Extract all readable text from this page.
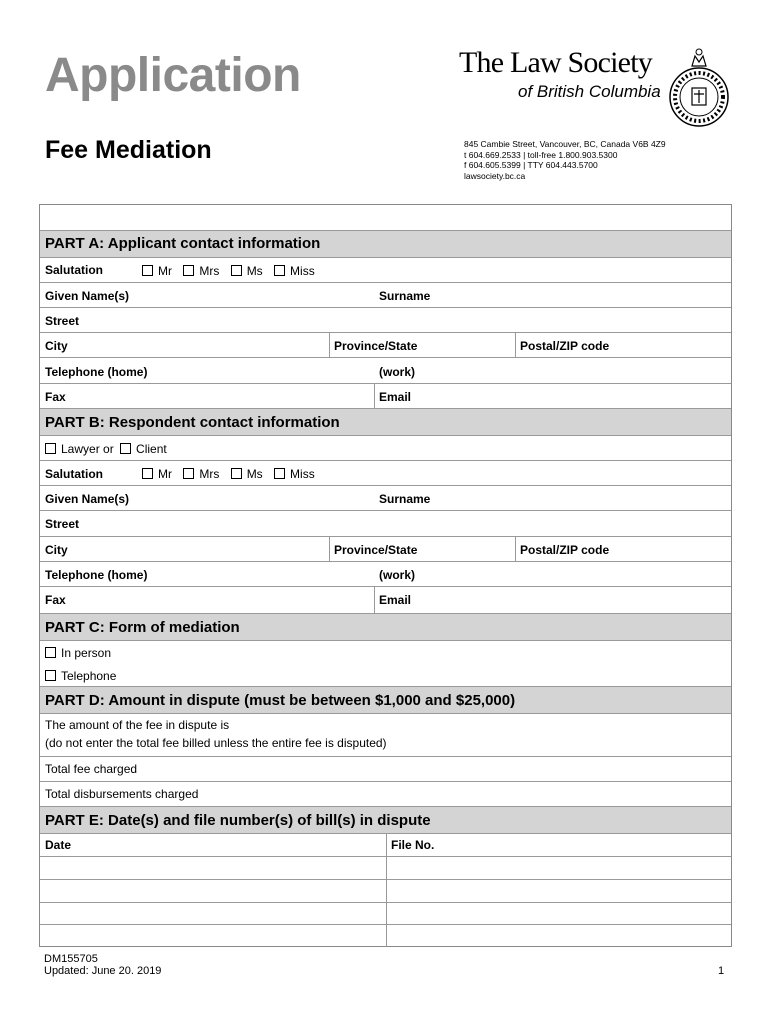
Application
Fee Mediation
The Law Society
of British Columbia
845 Cambie Street, Vancouver, BC, Canada V6B 4Z9
t 604.669.2533 | toll-free 1.800.903.5300
f 604.605.5399 | TTY 604.443.5700
lawsociety.bc.ca
PART A: Applicant contact information
Salutation	Mr Mrs Ms Miss
Given Name(s)	Surname
Street
City	Province/State	Postal/ZIP code
Telephone (home)	(work)
Fax	Email
PART B: Respondent contact information
Lawyer or Client
Salutation	Mr Mrs Ms Miss
Given Name(s)	Surname
Street
City	Province/State	Postal/ZIP code
Telephone (home)	(work)
Fax	Email
PART C: Form of mediation
In person
Telephone
PART D: Amount in dispute (must be between $1,000 and $25,000)
The amount of the fee in dispute is
(do not enter the total fee billed unless the entire fee is disputed)
Total fee charged
Total disbursements charged
PART E: Date(s) and file number(s) of bill(s) in dispute
Date	File No.
DM155705
Updated: June 20. 2019	1
